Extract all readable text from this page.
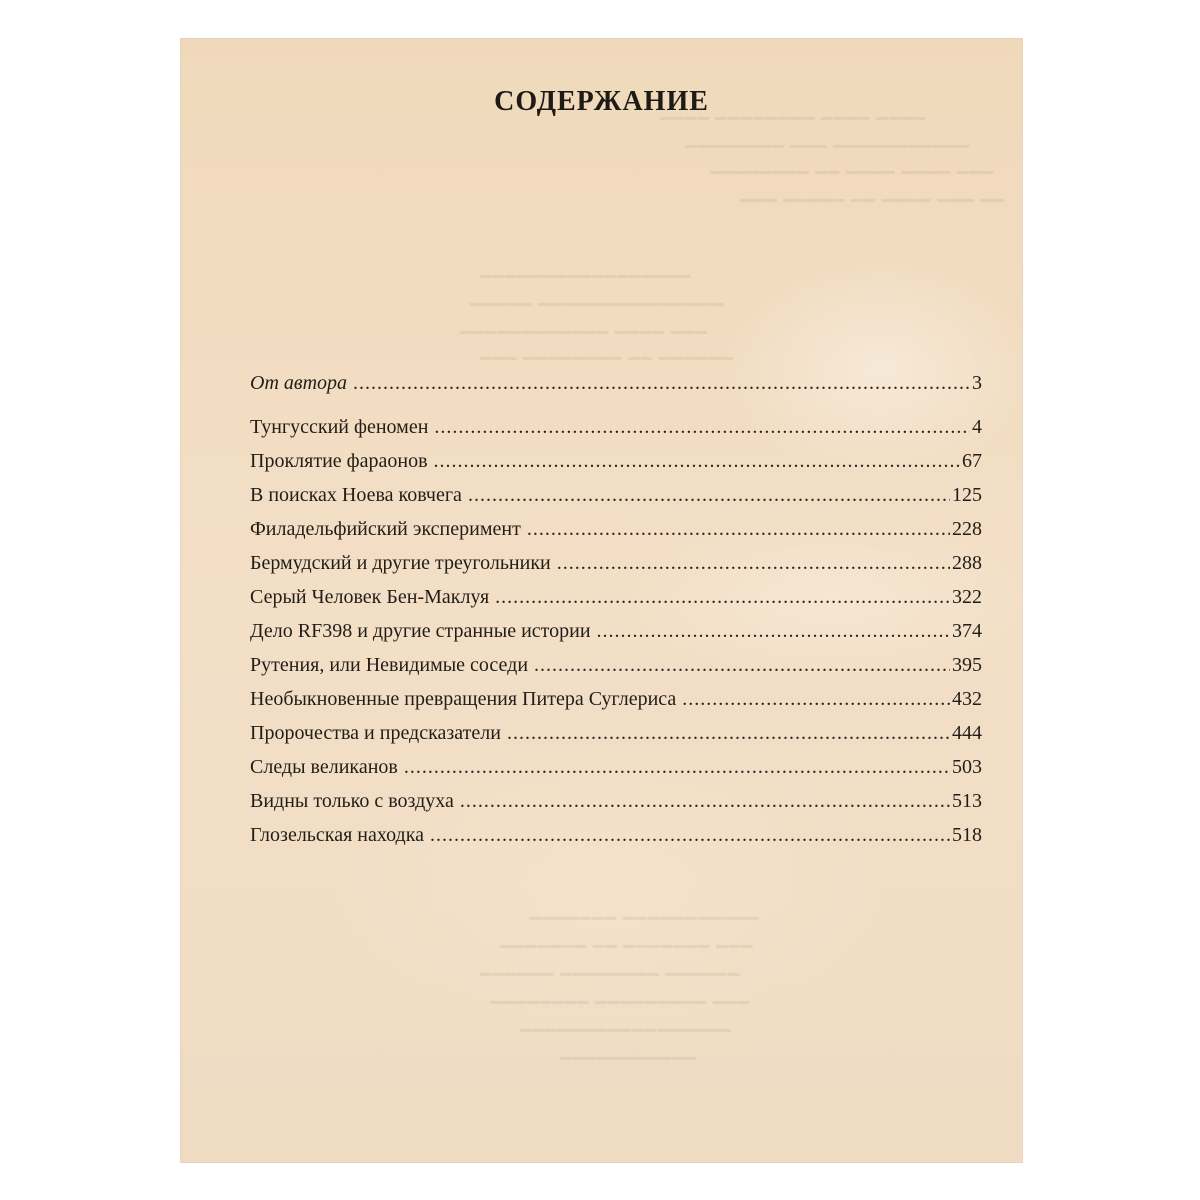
━━━━ ━━━━━━━━ ━━━━ ━━━━
━━━━━━━━ ━━━ ━━━━━━━━━━━
━━━━━━━━ ━━ ━━━━ ━━━━ ━━━
━━━ ━━━━━ ━━ ━━━━ ━━━ ━━
━━━━━━━━━━━━━━━━━
━━━━━ ━━━━━━━━━━━━━━━
━━━━━━━━━━━━ ━━━━ ━━━
━━━ ━━━━━━━━ ━━ ━━━━━━
━━━━━━━ ━━━━━━━━━━━
━━━━━━━ ━━ ━━━━━━━ ━━━
━━━━━━ ━━━━━━━━ ━━━━━━
━━━━━━━━ ━━━━━━━━━ ━━━
━━━━━━━━━━━━━━━━━
━━━━━━━━━━━
СОДЕРЖАНИЕ
От автора .....	3
Тунгусский феномен .....	4
Проклятие фараонов .....	67
В поисках Ноева ковчега .....	125
Филадельфийский эксперимент .....	228
Бермудский и другие треугольники .....	288
Серый Человек Бен-Маклуя .....	322
Дело RF398 и другие странные истории .....	374
Рутения, или Невидимые соседи .....	395
Необыкновенные превращения Питера Суглериса .....	432
Пророчества и предсказатели .....	444
Следы великанов .....	503
Видны только с воздуха .....	513
Глозельская находка .....	518
